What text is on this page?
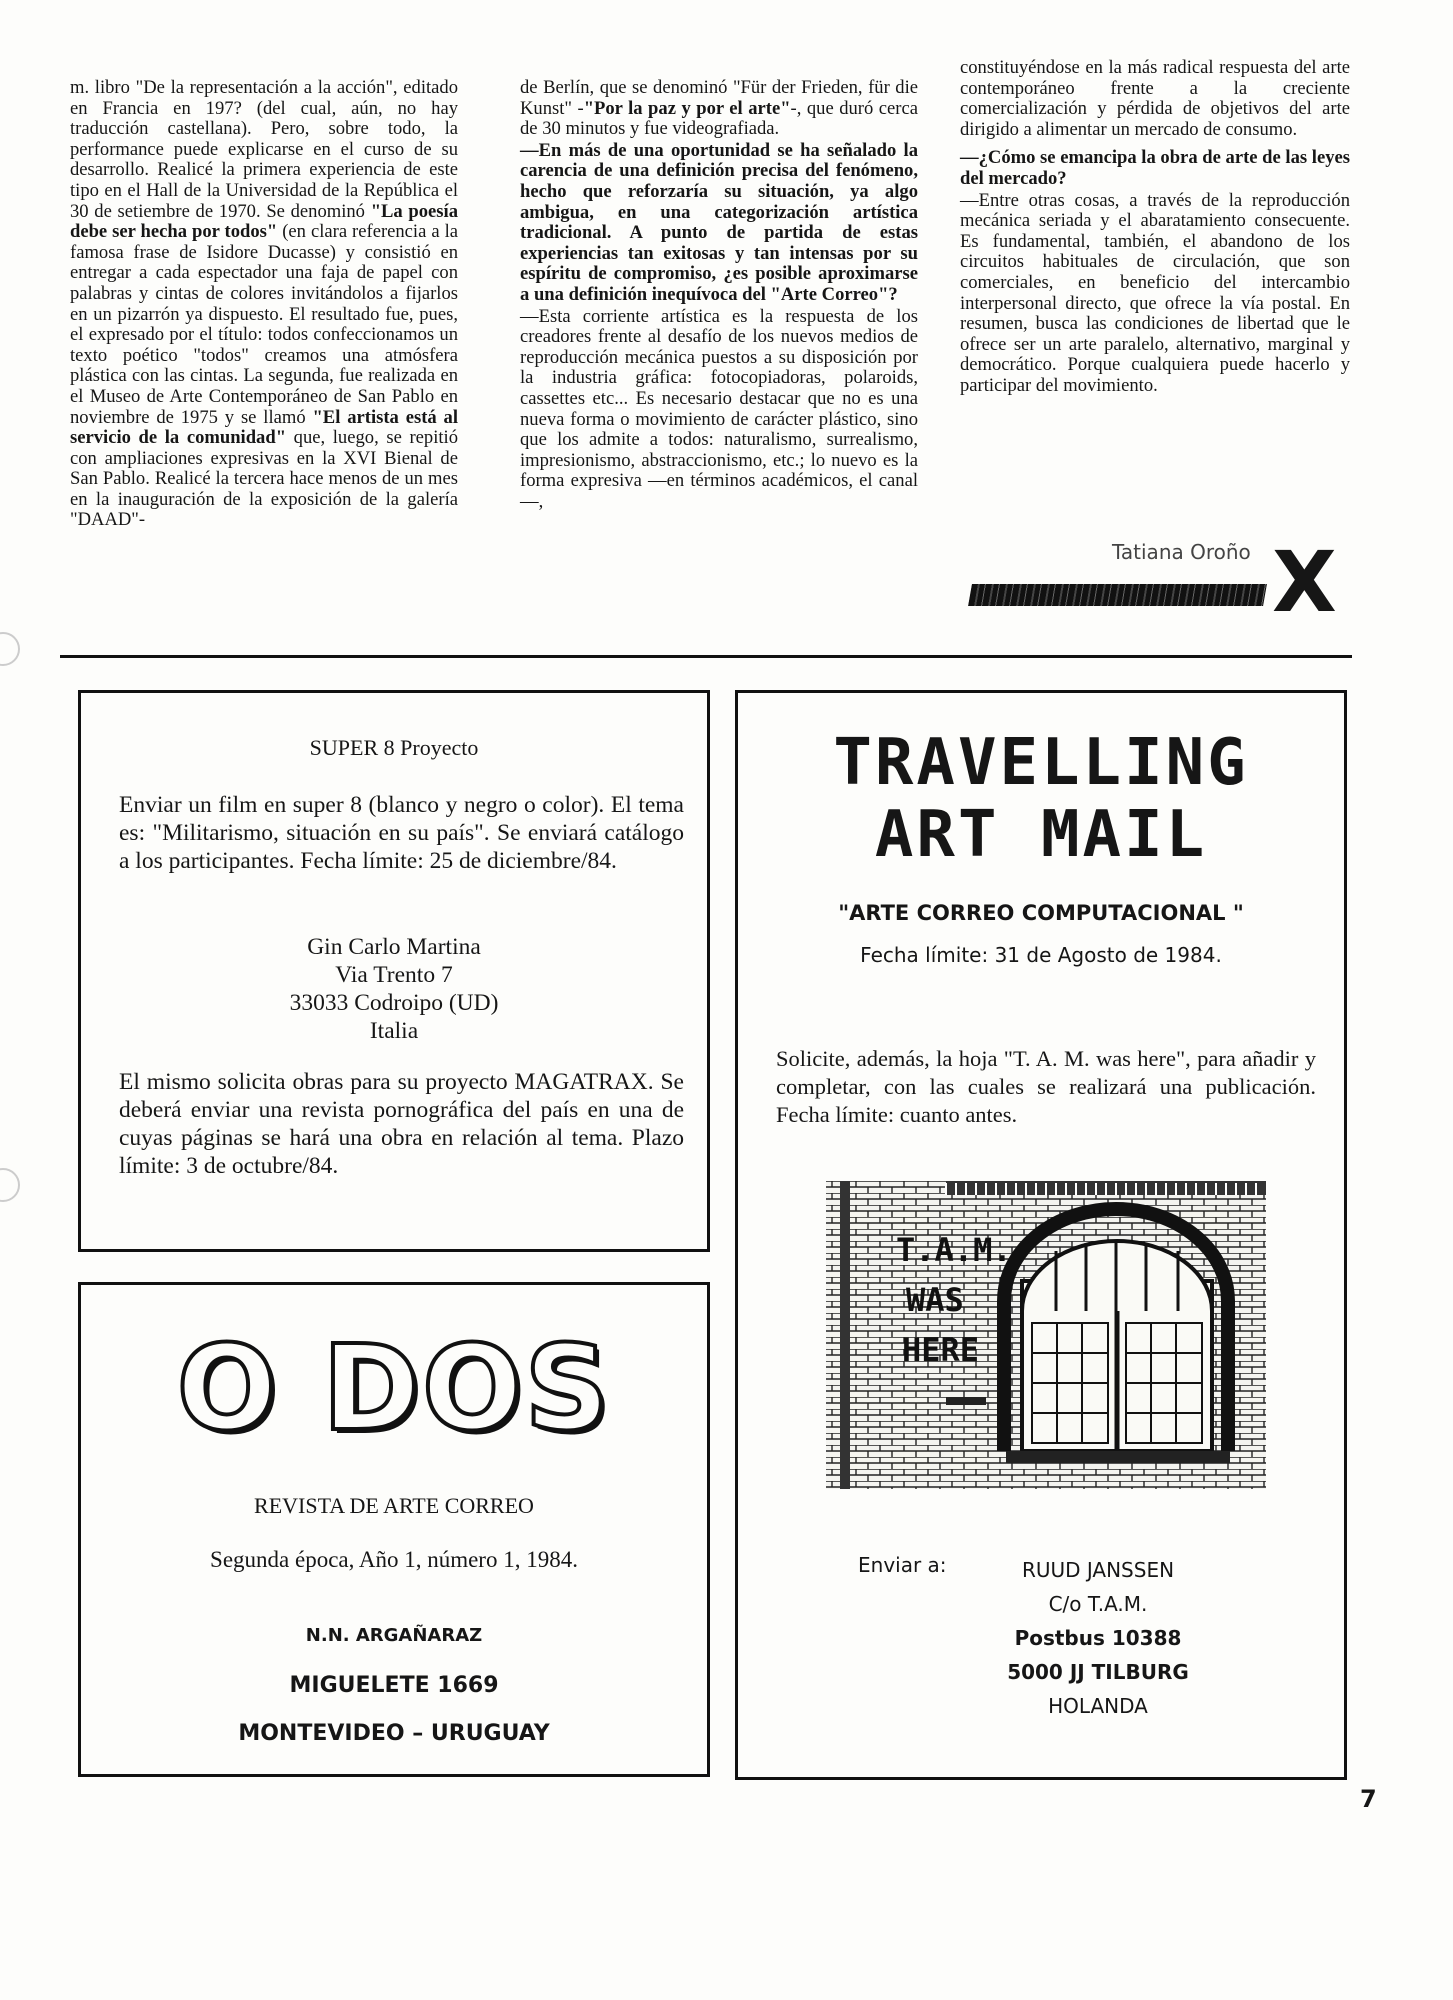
m. libro "De la representación a la acción", editado en Francia en 197? (del cual, aún, no hay traducción castellana). Pero, sobre todo, la performance puede explicarse en el curso de su desarrollo. Realicé la primera experiencia de este tipo en el Hall de la Universidad de la República el 30 de setiembre de 1970. Se denominó "La poesía debe ser hecha por todos" (en clara referencia a la famosa frase de Isidore Ducasse) y consistió en entregar a cada espectador una faja de papel con palabras y cintas de colores invitándolos a fijarlos en un pizarrón ya dispuesto. El resultado fue, pues, el expresado por el título: todos confeccionamos un texto poético "todos" creamos una atmósfera plástica con las cintas. La segunda, fue realizada en el Museo de Arte Contemporáneo de San Pablo en noviembre de 1975 y se llamó "El artista está al servicio de la comunidad" que, luego, se repitió con ampliaciones expresivas en la XVI Bienal de San Pablo. Realicé la tercera hace menos de un mes en la inauguración de la exposición de la galería "DAAD"-

de Berlín, que se denominó "Für der Frieden, für die Kunst" -"Por la paz y por el arte"-, que duró cerca de 30 minutos y fue videografiada.

—En más de una oportunidad se ha señalado la carencia de una definición precisa del fenómeno, hecho que reforzaría su situación, ya algo ambigua, en una categorización artística tradicional. A punto de partida de estas experiencias tan exitosas y tan intensas por su espíritu de compromiso, ¿es posible aproximarse a una definición inequívoca del "Arte Correo"?

—Esta corriente artística es la respuesta de los creadores frente al desafío de los nuevos medios de reproducción mecánica puestos a su disposición por la industria gráfica: fotocopiadoras, polaroids, cassettes etc... Es necesario destacar que no es una nueva forma o movimiento de carácter plástico, sino que los admite a todos: naturalismo, surrealismo, impresionismo, abstraccionismo, etc.; lo nuevo es la forma expresiva —en términos académicos, el canal—,

constituyéndose en la más radical respuesta del arte contemporáneo frente a la creciente comercialización y pérdida de objetivos del arte dirigido a alimentar un mercado de consumo.

—¿Cómo se emancipa la obra de arte de las leyes del mercado?

—Entre otras cosas, a través de la reproducción mecánica seriada y el abaratamiento consecuente. Es fundamental, también, el abandono de los circuitos habituales de circulación, que son comerciales, en beneficio del intercambio interpersonal directo, que ofrece la vía postal. En resumen, busca las condiciones de libertad que le ofrece ser un arte paralelo, alternativo, marginal y democrático. Porque cualquiera puede hacerlo y participar del movimiento.

Tatiana Oroño X
SUPER 8 Proyecto
Enviar un film en super 8 (blanco y negro o color). El tema es: "Militarismo, situación en su país". Se enviará catálogo a los participantes. Fecha límite: 25 de diciembre/84.
Gin Carlo Martina
Via Trento 7
33033 Codroipo (UD)
Italia
El mismo solicita obras para su proyecto MAGATRAX. Se deberá enviar una revista pornográfica del país en una de cuyas páginas se hará una obra en relación al tema. Plazo límite: 3 de octubre/84.
O DOS
REVISTA DE ARTE CORREO
Segunda época, Año 1, número 1, 1984.
N.N. ARGAÑARAZ
MIGUELETE 1669
MONTEVIDEO – URUGUAY
TRAVELLING
ART MAIL
"ARTE CORREO COMPUTACIONAL "
Fecha límite: 31 de Agosto de 1984.
Solicite, además, la hoja "T. A. M. was here", para añadir y completar, con las cuales se realizará una publicación. Fecha límite: cuanto antes.
T.A.M.
WAS
HERE
Enviar a:	RUUD JANSSEN
C/o T.A.M.
Postbus 10388
5000 JJ TILBURG
HOLANDA
7
